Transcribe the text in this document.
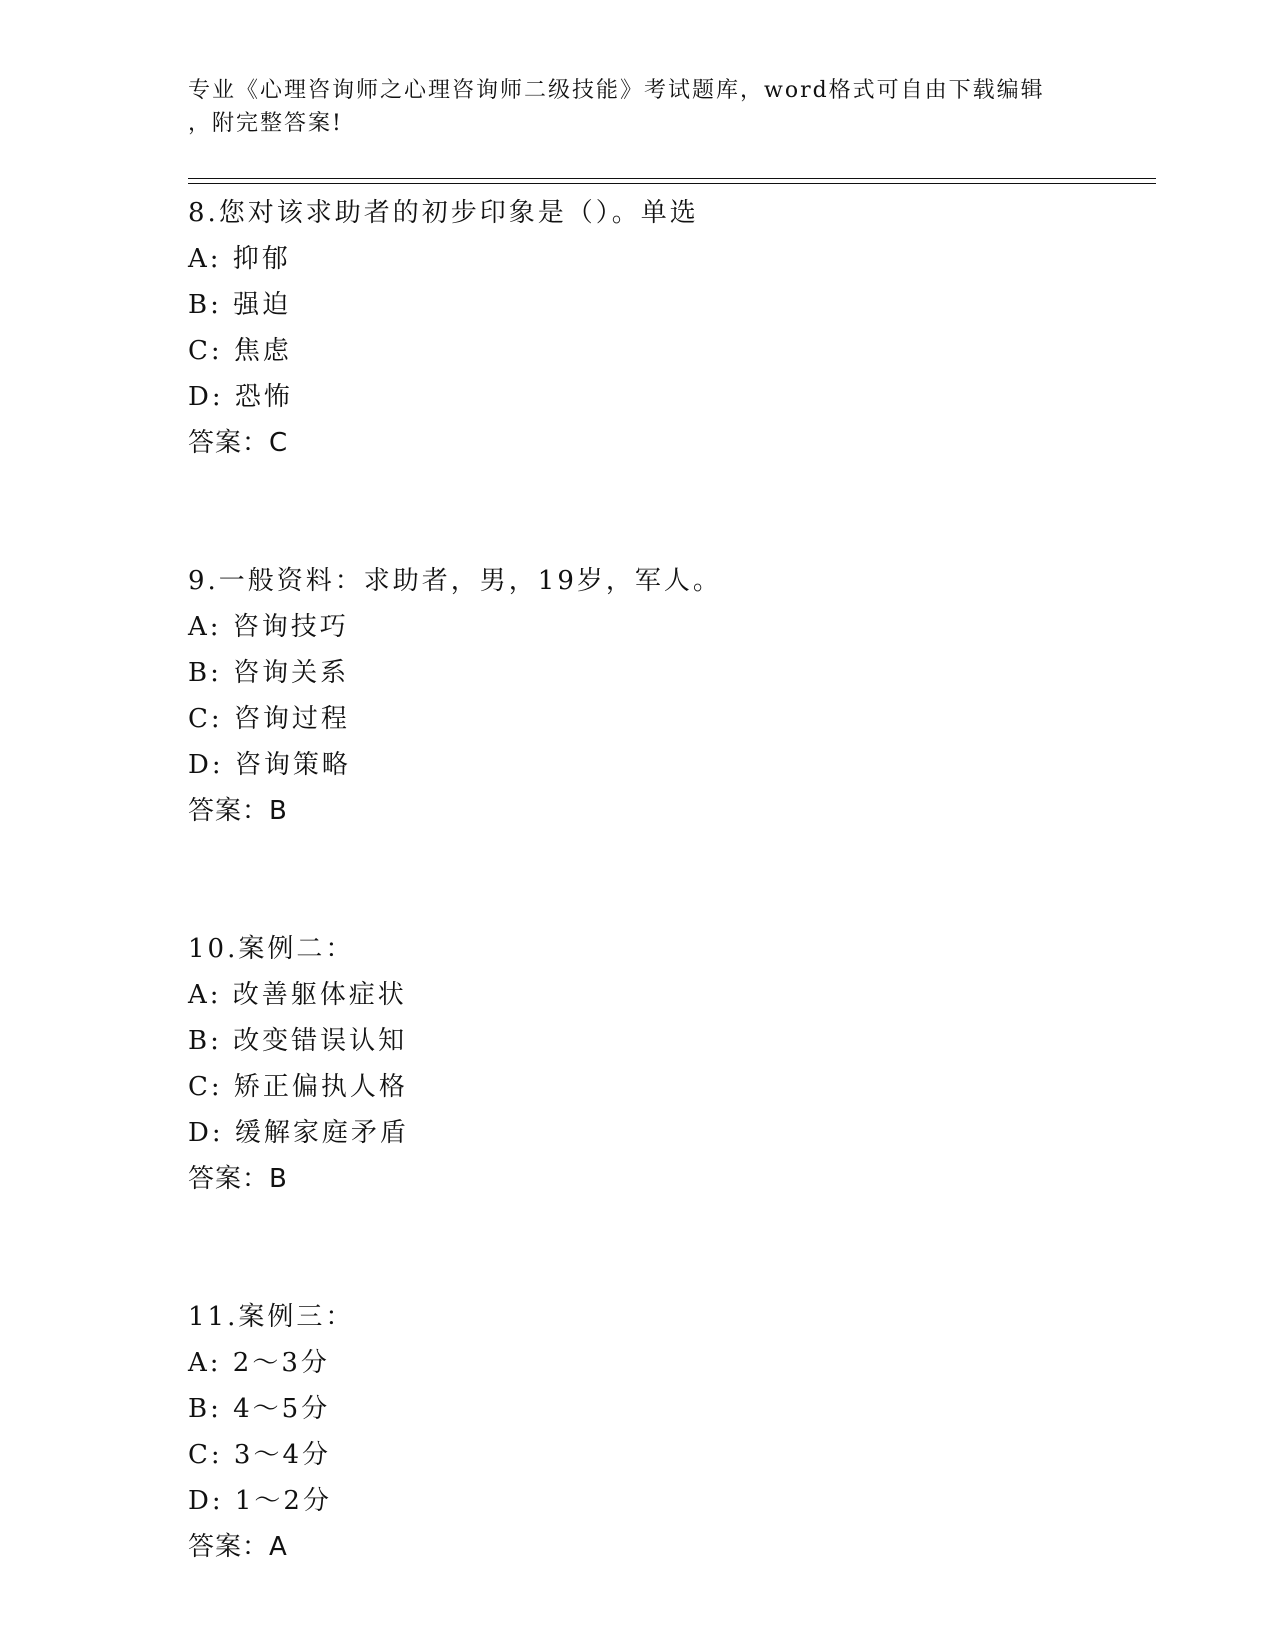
专业《心理咨询师之心理咨询师二级技能》考试题库，word格式可自由下载编辑
，附完整答案!
8.您对该求助者的初步印象是（）。单选
A: 抑郁
B: 强迫
C: 焦虑
D: 恐怖
答案：C
9.一般资料：求助者，男，19岁，军人。
A: 咨询技巧
B: 咨询关系
C: 咨询过程
D: 咨询策略
答案：B
10.案例二：
A: 改善躯体症状
B: 改变错误认知
C: 矫正偏执人格
D: 缓解家庭矛盾
答案：B
11.案例三：
A: 2～3分
B: 4～5分
C: 3～4分
D: 1～2分
答案：A
